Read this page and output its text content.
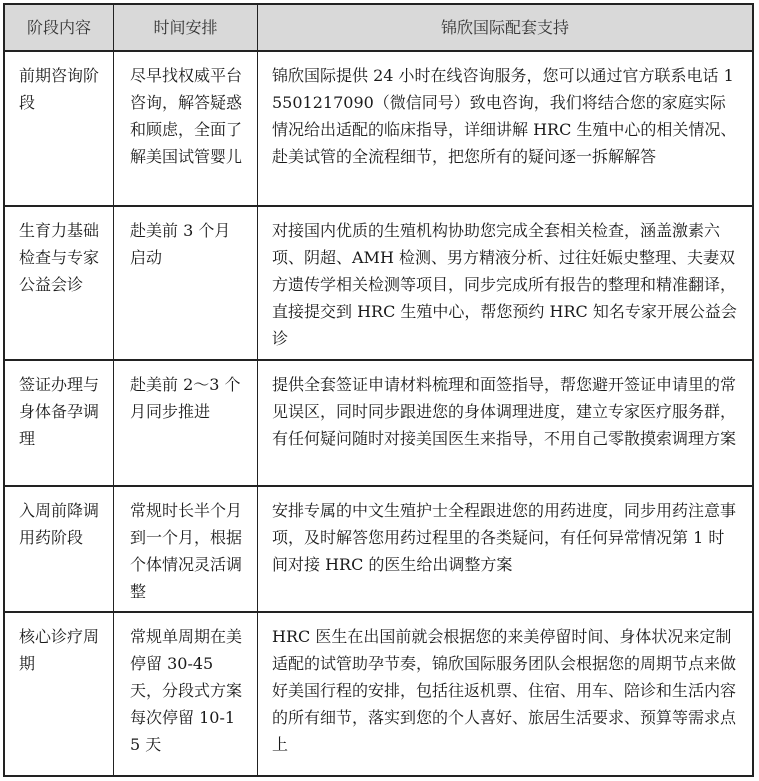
阶段内容	时间安排	锦欣国际配套支持
前期咨询阶段
尽早找权威平台咨询，解答疑惑和顾虑，全面了解美国试管婴儿
锦欣国际提供 24 小时在线咨询服务，您可以通过官方联系电话 15501217090（微信同号）致电咨询，我们将结合您的家庭实际情况给出适配的临床指导，详细讲解 HRC 生殖中心的相关情况、赴美试管的全流程细节，把您所有的疑问逐一拆解解答
生育力基础检查与专家公益会诊
赴美前 3 个月启动
对接国内优质的生殖机构协助您完成全套相关检查，涵盖激素六项、阴超、AMH 检测、男方精液分析、过往妊娠史整理、夫妻双方遗传学相关检测等项目，同步完成所有报告的整理和精准翻译，直接提交到 HRC 生殖中心，帮您预约 HRC 知名专家开展公益会诊
签证办理与身体备孕调理
赴美前 2～3 个月同步推进
提供全套签证申请材料梳理和面签指导，帮您避开签证申请里的常见误区，同时同步跟进您的身体调理进度，建立专家医疗服务群，有任何疑问随时对接美国医生来指导，不用自己零散摸索调理方案
入周前降调用药阶段
常规时长半个月到一个月，根据个体情况灵活调整
安排专属的中文生殖护士全程跟进您的用药进度，同步用药注意事项，及时解答您用药过程里的各类疑问，有任何异常情况第 1 时间对接 HRC 的医生给出调整方案
核心诊疗周期
常规单周期在美停留 30-45 天，分段式方案每次停留 10-15 天
HRC 医生在出国前就会根据您的来美停留时间、身体状况来定制适配的试管助孕节奏，锦欣国际服务团队会根据您的周期节点来做好美国行程的安排，包括往返机票、住宿、用车、陪诊和生活内容的所有细节，落实到您的个人喜好、旅居生活要求、预算等需求点上
